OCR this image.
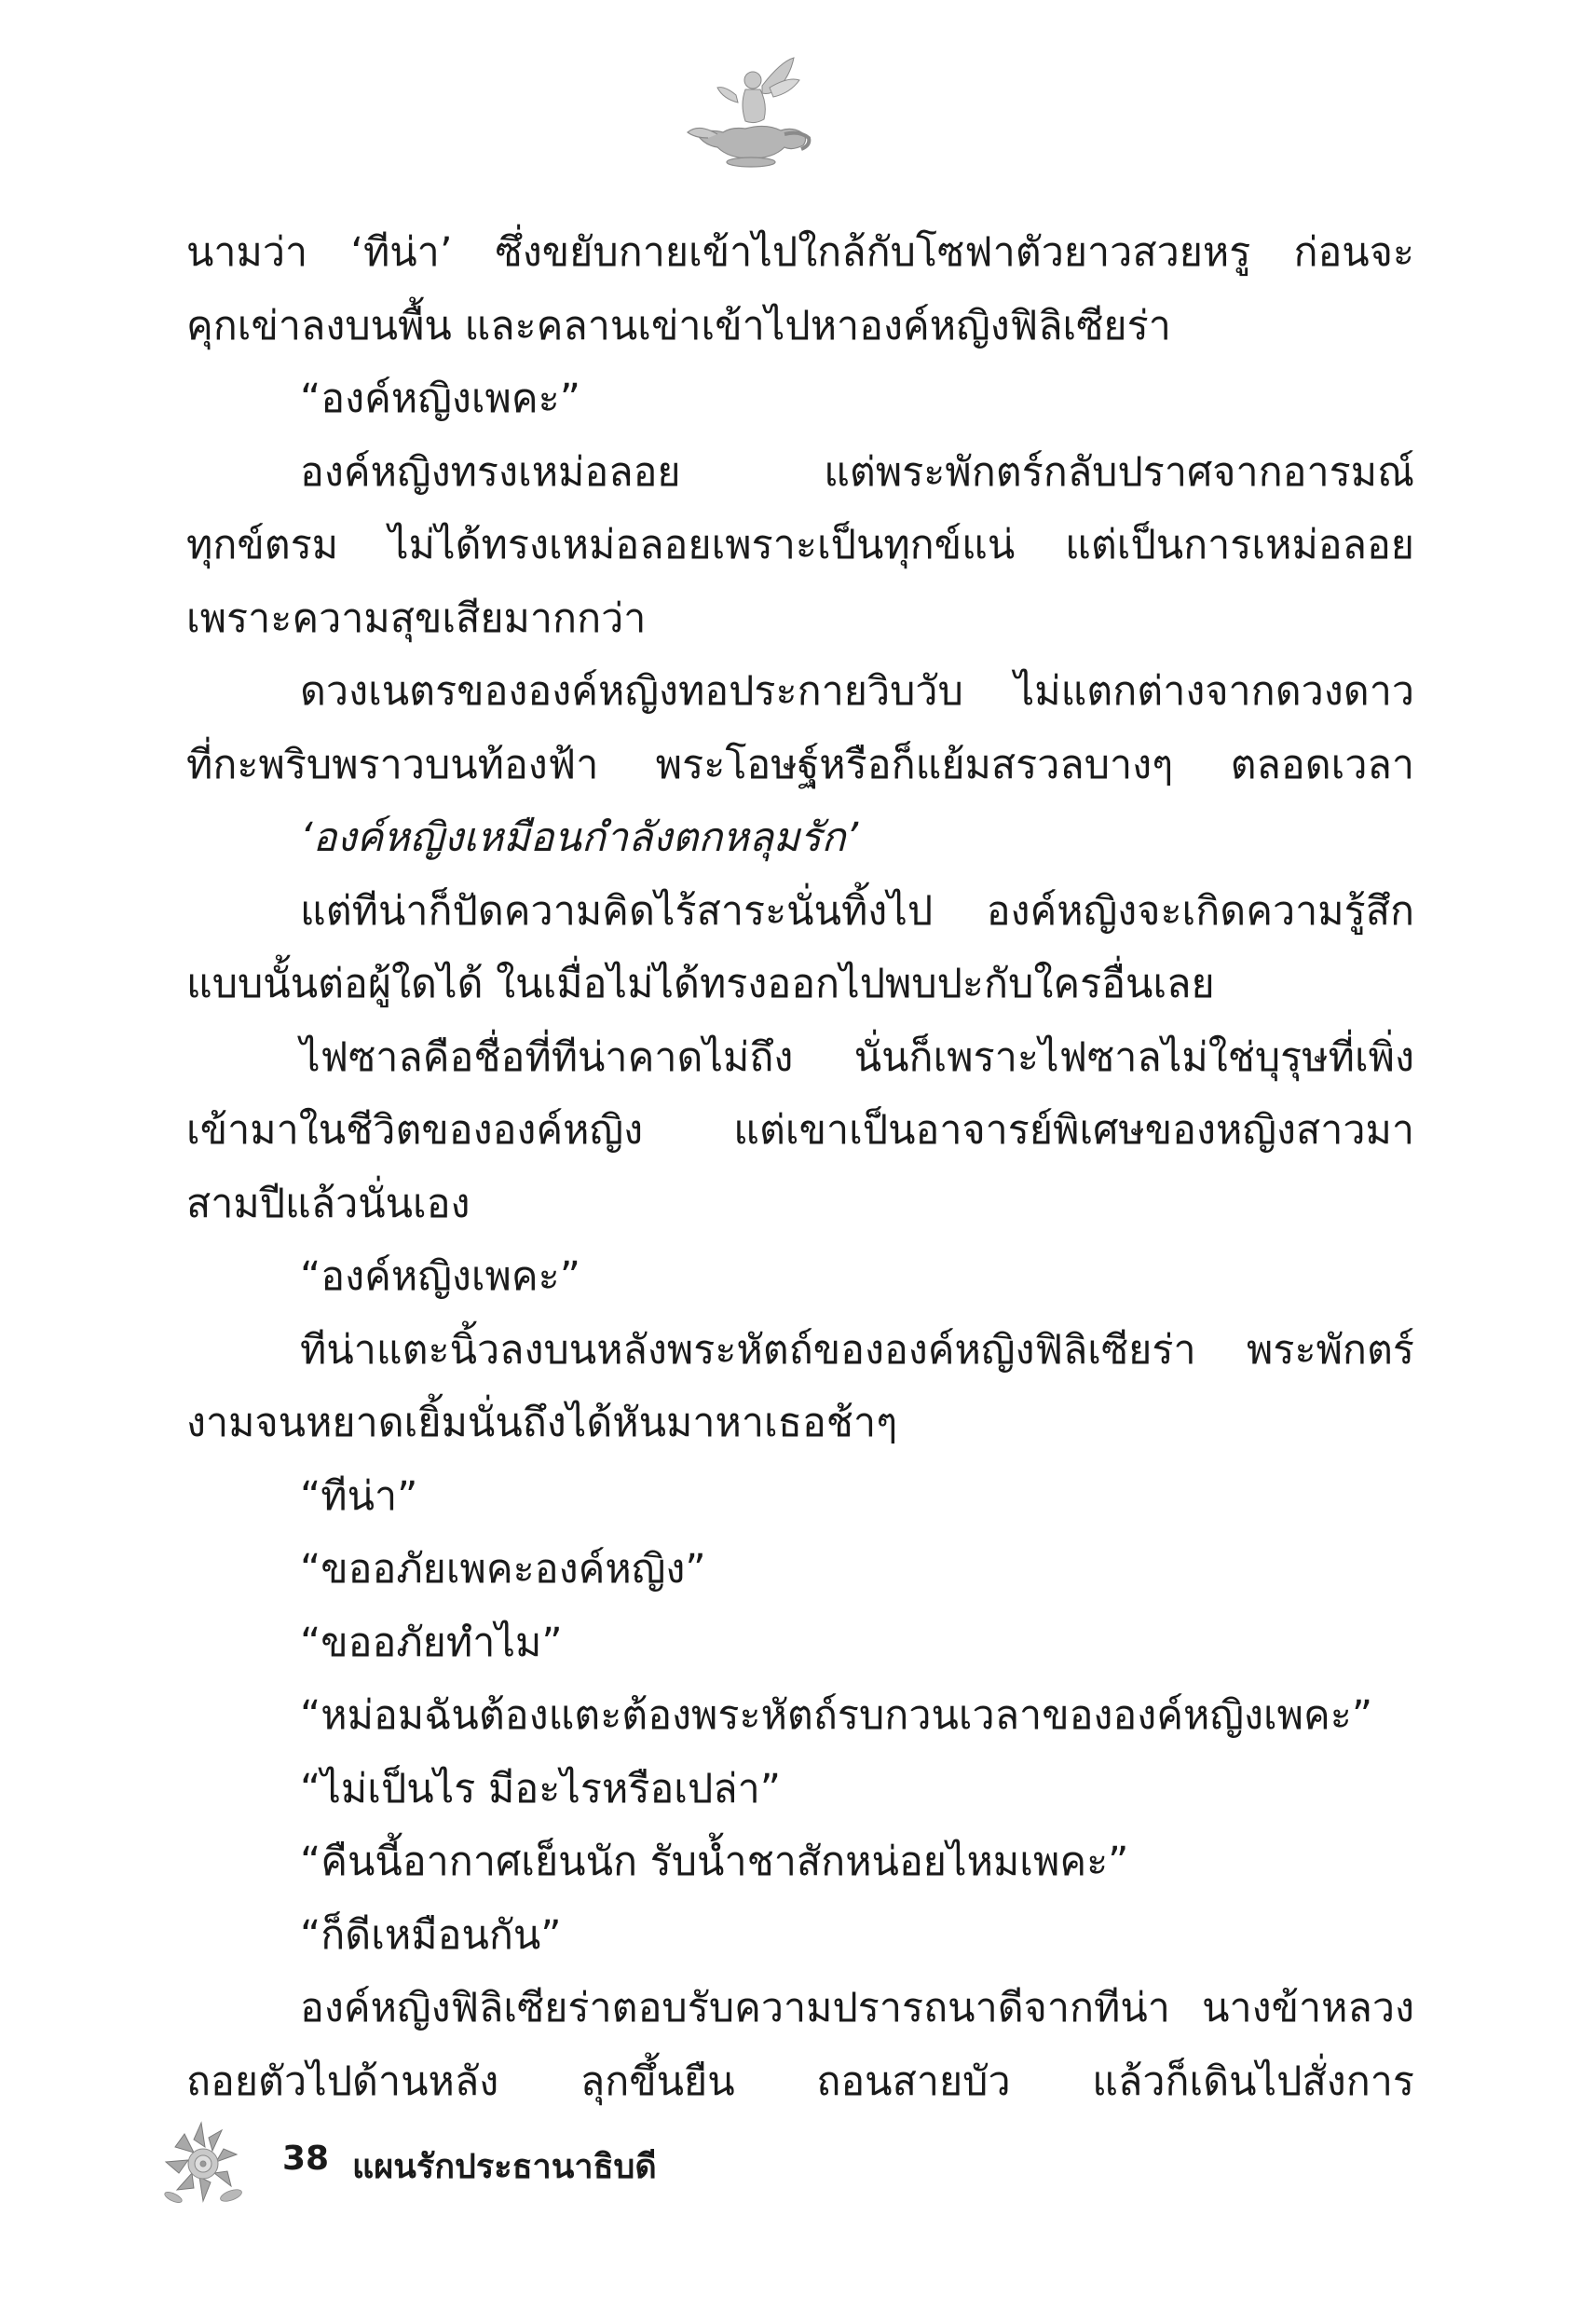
นามว่า ‘ทีน่า’ ซึ่งขยับกายเข้าไปใกล้กับโซฟาตัวยาวสวยหรู ก่อนจะ
คุกเข่าลงบนพื้น และคลานเข่าเข้าไปหาองค์หญิงฟิลิเซียร่า
“องค์หญิงเพคะ”
องค์หญิงทรงเหม่อลอย แต่พระพักตร์กลับปราศจากอารมณ์
ทุกข์ตรม ไม่ได้ทรงเหม่อลอยเพราะเป็นทุกข์แน่ แต่เป็นการเหม่อลอย
เพราะความสุขเสียมากกว่า
ดวงเนตรขององค์หญิงทอประกายวิบวับ ไม่แตกต่างจากดวงดาว
ที่กะพริบพราวบนท้องฟ้า พระโอษฐ์หรือก็แย้มสรวลบางๆ ตลอดเวลา
‘องค์หญิงเหมือนกำลังตกหลุมรัก’
แต่ทีน่าก็ปัดความคิดไร้สาระนั่นทิ้งไป องค์หญิงจะเกิดความรู้สึก
แบบนั้นต่อผู้ใดได้ ในเมื่อไม่ได้ทรงออกไปพบปะกับใครอื่นเลย
ไฟซาลคือชื่อที่ทีน่าคาดไม่ถึง นั่นก็เพราะไฟซาลไม่ใช่บุรุษที่เพิ่ง
เข้ามาในชีวิตขององค์หญิง แต่เขาเป็นอาจารย์พิเศษของหญิงสาวมา
สามปีแล้วนั่นเอง
“องค์หญิงเพคะ”
ทีน่าแตะนิ้วลงบนหลังพระหัตถ์ขององค์หญิงฟิลิเซียร่า พระพักตร์
งามจนหยาดเยิ้มนั่นถึงได้หันมาหาเธอช้าๆ
“ทีน่า”
“ขออภัยเพคะองค์หญิง”
“ขออภัยทำไม”
“หม่อมฉันต้องแตะต้องพระหัตถ์รบกวนเวลาขององค์หญิงเพคะ”
“ไม่เป็นไร มีอะไรหรือเปล่า”
“คืนนี้อากาศเย็นนัก รับน้ำชาสักหน่อยไหมเพคะ”
“ก็ดีเหมือนกัน”
องค์หญิงฟิลิเซียร่าตอบรับความปรารถนาดีจากทีน่า นางข้าหลวง
ถอยตัวไปด้านหลัง ลุกขึ้นยืน ถอนสายบัว แล้วก็เดินไปสั่งการ
38 แผนรักประธานาธิบดี
